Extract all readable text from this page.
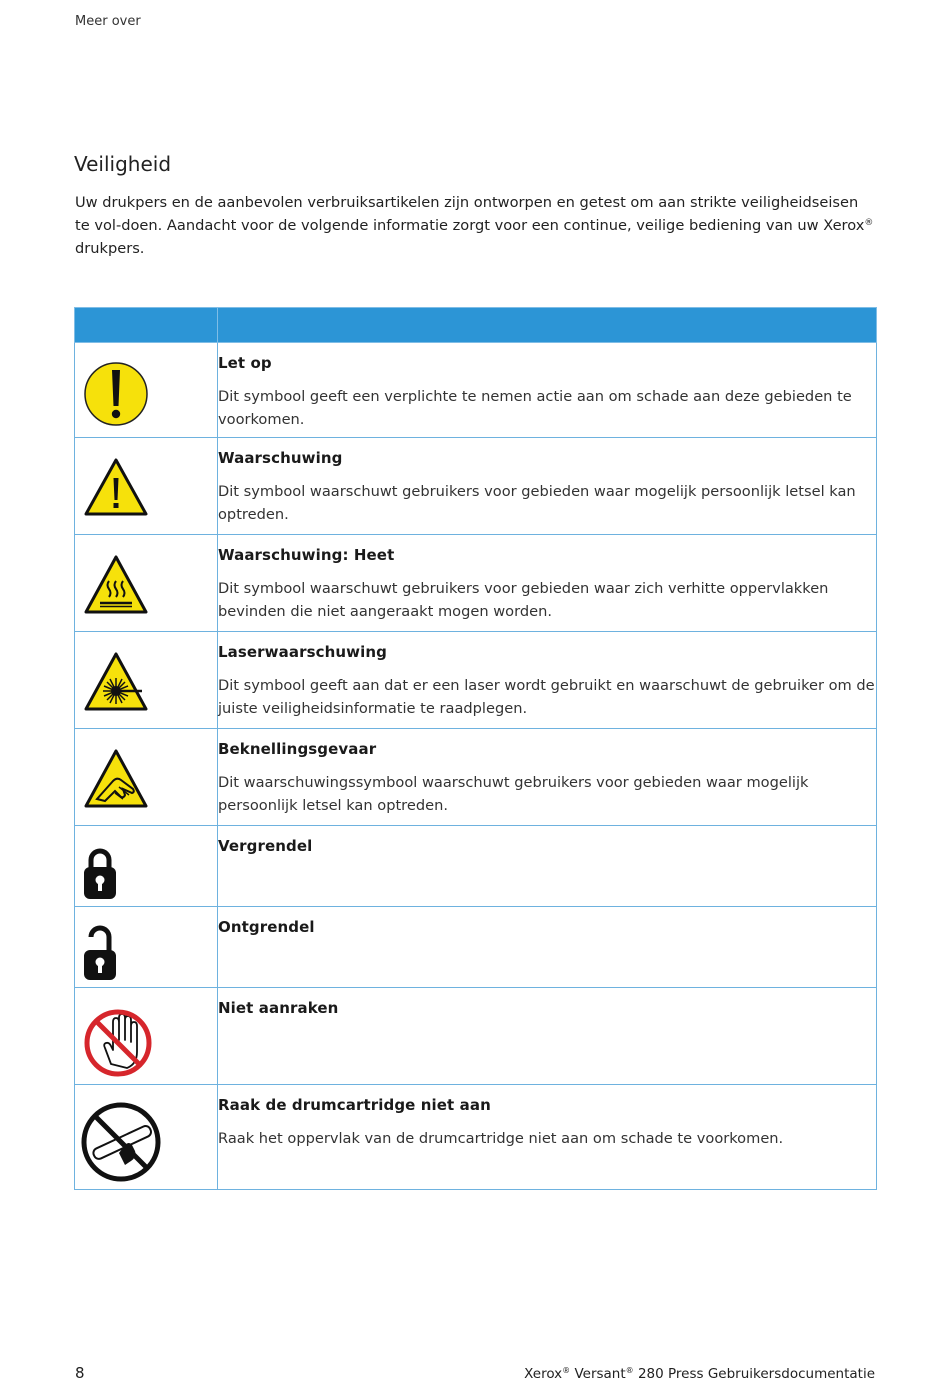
Meer over
Veiligheid

Uw drukpers en de aanbevolen verbruiksartikelen zijn ontworpen en getest om aan strikte veiligheidseisen te vol-doen. Aandacht voor de volgende informatie zorgt voor een continue, veilige bediening van uw Xerox® drukpers.

Let op
Dit symbool geeft een verplichte te nemen actie aan om schade aan deze gebieden te voorkomen.

Waarschuwing
Dit symbool waarschuwt gebruikers voor gebieden waar mogelijk persoonlijk letsel kan optreden.

Waarschuwing: Heet
Dit symbool waarschuwt gebruikers voor gebieden waar zich verhitte oppervlakken bevinden die niet aangeraakt mogen worden.

Laserwaarschuwing
Dit symbool geeft aan dat er een laser wordt gebruikt en waarschuwt de gebruiker om de juiste veiligheidsinformatie te raadplegen.

Beknellingsgevaar
Dit waarschuwingssymbool waarschuwt gebruikers voor gebieden waar mogelijk persoonlijk letsel kan optreden.

Vergrendel

Ontgrendel

Niet aanraken

Raak de drumcartridge niet aan
Raak het oppervlak van de drumcartridge niet aan om schade te voorkomen.
8	Xerox® Versant® 280 Press Gebruikersdocumentatie
